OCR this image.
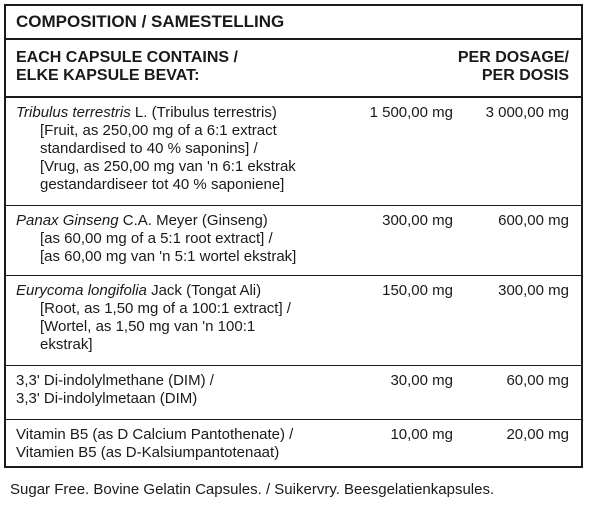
COMPOSITION / SAMESTELLING
EACH CAPSULE CONTAINS /
ELKE KAPSULE BEVAT:
PER DOSAGE/
PER DOSIS
Tribulus terrestris L. (Tribulus terrestris)
[Fruit, as 250,00 mg of a 6:1 extract
standardised to 40 % saponins] /
[Vrug, as 250,00 mg van 'n 6:1 ekstrak
gestandardiseer tot 40 % saponiene]
1 500,00 mg 3 000,00 mg
Panax Ginseng C.A. Meyer (Ginseng)
[as 60,00 mg of a 5:1 root extract] /
[as 60,00 mg van 'n 5:1 wortel ekstrak]
300,00 mg	600,00 mg
Eurycoma longifolia Jack (Tongat Ali)
[Root, as 1,50 mg of a 100:1 extract] /
[Wortel, as 1,50 mg van 'n 100:1
ekstrak]
150,00 mg	300,00 mg
3,3' Di-indolylmethane (DIM) /
3,3' Di-indolylmetaan (DIM)
30,00 mg	60,00 mg
Vitamin B5 (as D Calcium Pantothenate) /
Vitamien B5 (as D-Kalsiumpantotenaat)
10,00 mg	20,00 mg
Sugar Free. Bovine Gelatin Capsules. / Suikervry. Beesgelatienkapsules.
